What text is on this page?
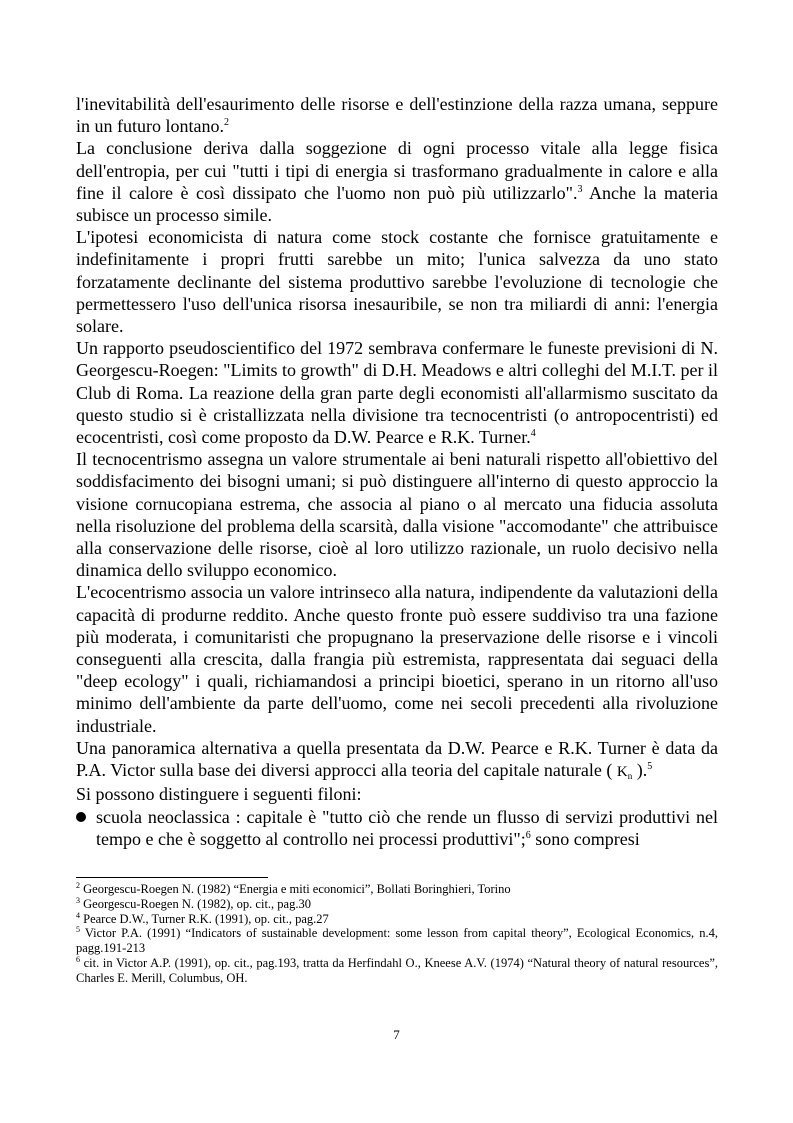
l'inevitabilità dell'esaurimento delle risorse e dell'estinzione della razza umana, seppure in un futuro lontano.$^2$

La conclusione deriva dalla soggezione di ogni processo vitale alla legge fisica dell'entropia, per cui "tutti i tipi di energia si trasformano gradualmente in calore e alla fine il calore è così dissipato che l'uomo non può più utilizzarlo".$^3$ Anche la materia subisce un processo simile.

L'ipotesi economicista di natura come stock costante che fornisce gratuitamente e indefinitamente i propri frutti sarebbe un mito; l'unica salvezza da uno stato forzatamente declinante del sistema produttivo sarebbe l'evoluzione di tecnologie che permettessero l'uso dell'unica risorsa inesauribile, se non tra miliardi di anni: l'energia solare.

Un rapporto pseudoscientifico del 1972 sembrava confermare le funeste previsioni di N. Georgescu-Roegen: "Limits to growth" di D.H. Meadows e altri colleghi del M.I.T. per il Club di Roma. La reazione della gran parte degli economisti all'allarmismo suscitato da questo studio si è cristallizzata nella divisione tra tecnocentristi (o antropocentristi) ed ecocentristi, così come proposto da D.W. Pearce e R.K. Turner.$^4$

Il tecnocentrismo assegna un valore strumentale ai beni naturali rispetto all'obiettivo del soddisfacimento dei bisogni umani; si può distinguere all'interno di questo approccio la visione cornucopiana estrema, che associa al piano o al mercato una fiducia assoluta nella risoluzione del problema della scarsità, dalla visione "accomodante" che attribuisce alla conservazione delle risorse, cioè al loro utilizzo razionale, un ruolo decisivo nella dinamica dello sviluppo economico.

L'ecocentrismo associa un valore intrinseco alla natura, indipendente da valutazioni della capacità di produrne reddito. Anche questo fronte può essere suddiviso tra una fazione più moderata, i comunitaristi che propugnano la preservazione delle risorse e i vincoli conseguenti alla crescita, dalla frangia più estremista, rappresentata dai seguaci della "deep ecology" i quali, richiamandosi a principi bioetici, sperano in un ritorno all'uso minimo dell'ambiente da parte dell'uomo, come nei secoli precedenti alla rivoluzione industriale.

Una panoramica alternativa a quella presentata da D.W. Pearce e R.K. Turner è data da P.A. Victor sulla base dei diversi approcci alla teoria del capitale naturale ( $K_n$ ).$^5$

Si possono distinguere i seguenti filoni:

scuola neoclassica : capitale è "tutto ciò che rende un flusso di servizi produttivi nel tempo e che è soggetto al controllo nei processi produttivi";$^6$ sono compresi

$^2$ Georgescu-Roegen N. (1982) “Energia e miti economici”, Bollati Boringhieri, Torino

$^3$ Georgescu-Roegen N. (1982), op. cit., pag.30

$^4$ Pearce D.W., Turner R.K. (1991), op. cit., pag.27

$^5$ Victor P.A. (1991) “Indicators of sustainable development: some lesson from capital theory”, Ecological Economics, n.4, pagg.191-213

$^6$ cit. in Victor A.P. (1991), op. cit., pag.193, tratta da Herfindahl O., Kneese A.V. (1974) “Natural theory of natural resources”, Charles E. Merill, Columbus, OH.

7
